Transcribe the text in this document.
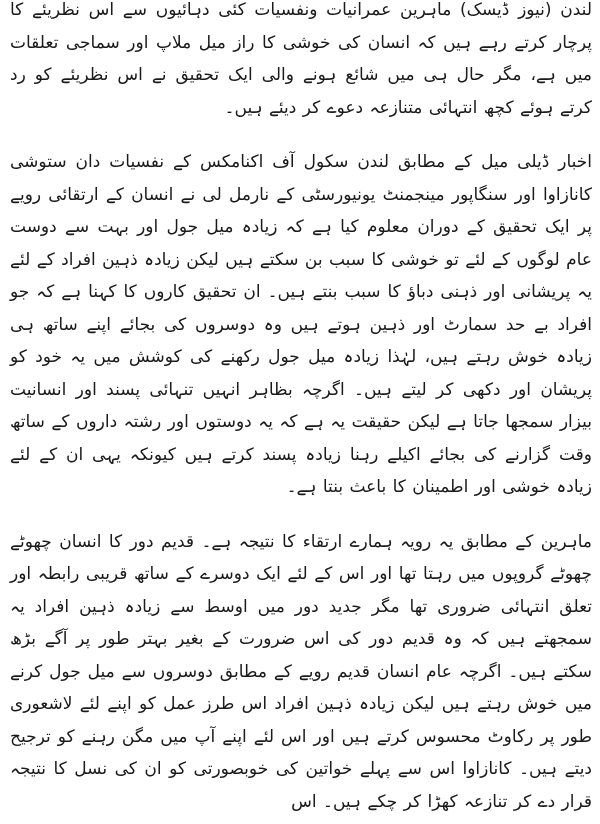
لندن (نیوز ڈیسک) ماہرین عمرانیات ونفسیات کئی دہائیوں سے اس نظریئے کا پرچار کرتے رہے ہیں کہ انسان کی خوشی کا راز میل ملاپ اور سماجی تعلقات میں ہے، مگر حال ہی میں شائع ہونے والی ایک تحقیق نے اس نظریئے کو رد کرتے ہوئے کچھ انتہائی متنازعہ دعوے کر دیئے ہیں۔

اخبار ڈیلی میل کے مطابق لندن سکول آف اکنامکس کے نفسیات دان ستوشی کانازاوا اور سنگاپور مینجمنٹ یونیورسٹی کے نارمل لی نے انسان کے ارتقائی رویے پر ایک تحقیق کے دوران معلوم کیا ہے کہ زیادہ میل جول اور بہت سے دوست عام لوگوں کے لئے تو خوشی کا سبب بن سکتے ہیں لیکن زیادہ ذہین افراد کے لئے یہ پریشانی اور ذہنی دباﺅ کا سبب بنتے ہیں۔ ان تحقیق کاروں کا کہنا ہے کہ جو افراد بے حد سمارٹ اور ذہین ہوتے ہیں وہ دوسروں کی بجائے اپنے ساتھ ہی زیادہ خوش رہتے ہیں، لہٰذا زیادہ میل جول رکھنے کی کوشش میں یہ خود کو پریشان اور دکھی کر لیتے ہیں۔ اگرچہ بظاہر انہیں تنہائی پسند اور انسانیت بیزار سمجھا جاتا ہے لیکن حقیقت یہ ہے کہ یہ دوستوں اور رشتہ داروں کے ساتھ وقت گزارنے کی بجائے اکیلے رہنا زیادہ پسند کرتے ہیں کیونکہ یہی ان کے لئے زیادہ خوشی اور اطمینان کا باعث بنتا ہے۔

ماہرین کے مطابق یہ رویہ ہمارے ارتقاء کا نتیجہ ہے۔ قدیم دور کا انسان چھوٹے چھوٹے گروپوں میں رہتا تھا اور اس کے لئے ایک دوسرے کے ساتھ قریبی رابطہ اور تعلق انتہائی ضروری تھا مگر جدید دور میں اوسط سے زیادہ ذہین افراد یہ سمجھتے ہیں کہ وہ قدیم دور کی اس ضرورت کے بغیر بہتر طور پر آگے بڑھ سکتے ہیں۔ اگرچہ عام انسان قدیم رویے کے مطابق دوسروں سے میل جول کرنے میں خوش رہتے ہیں لیکن زیادہ ذہین افراد اس طرز عمل کو اپنے لئے لاشعوری طور پر رکاوٹ محسوس کرتے ہیں اور اس لئے اپنے آپ میں مگن رہنے کو ترجیح دیتے ہیں۔ کانازاوا اس سے پہلے خواتین کی خوبصورتی کو ان کی نسل کا نتیجہ قرار دے کر تنازعہ کھڑا کر چکے ہیں۔ اس
